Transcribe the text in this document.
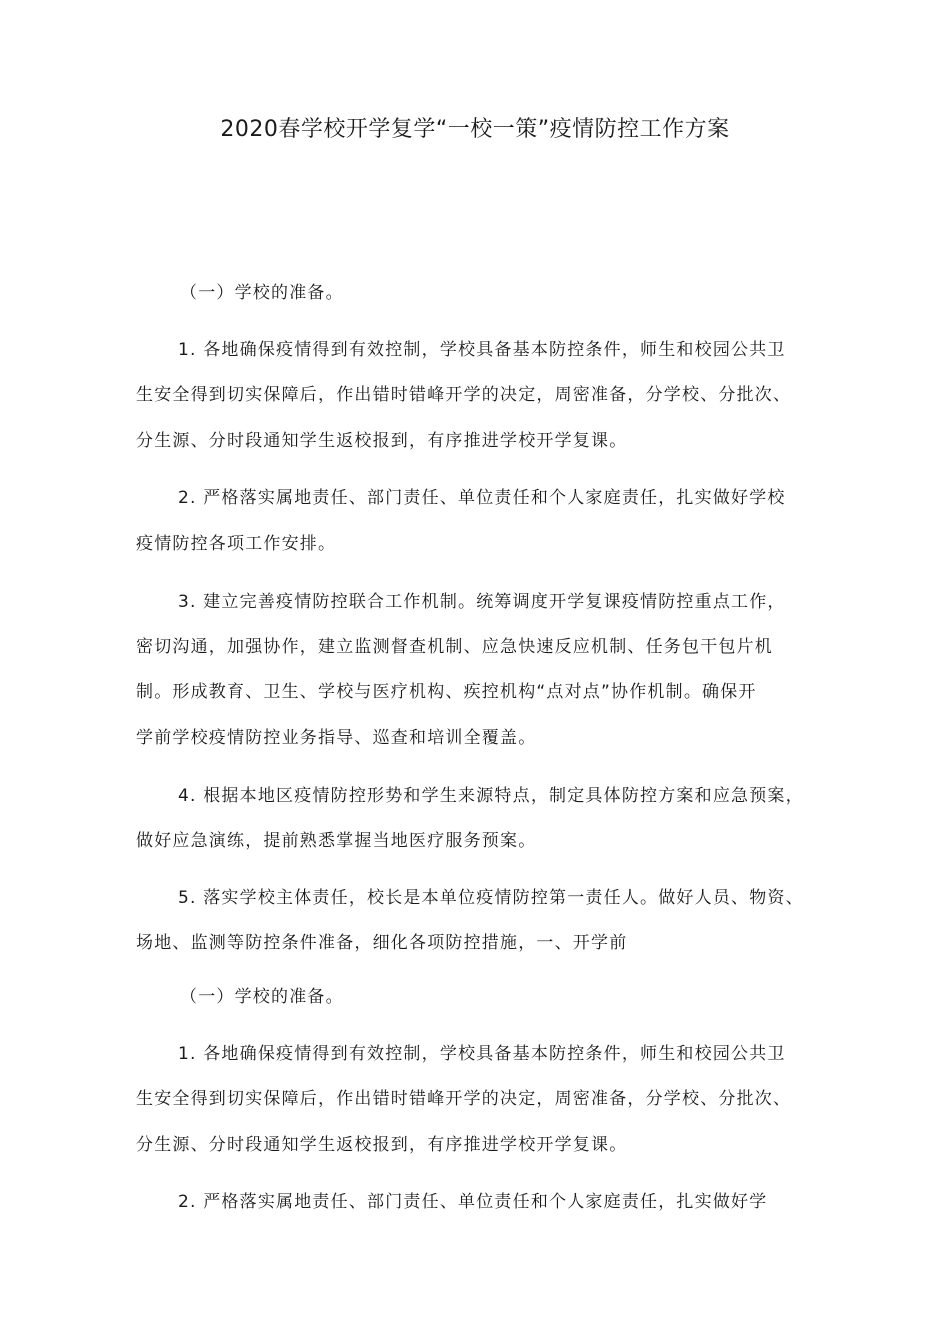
2020春学校开学复学“一校一策”疫情防控工作方案
（一）学校的准备。
1. 各地确保疫情得到有效控制，学校具备基本防控条件，师生和校园公共卫
生安全得到切实保障后，作出错时错峰开学的决定，周密准备，分学校、分批次、
分生源、分时段通知学生返校报到，有序推进学校开学复课。
2. 严格落实属地责任、部门责任、单位责任和个人家庭责任，扎实做好学校
疫情防控各项工作安排。
3. 建立完善疫情防控联合工作机制。统筹调度开学复课疫情防控重点工作，
密切沟通，加强协作，建立监测督查机制、应急快速反应机制、任务包干包片机
制。形成教育、卫生、学校与医疗机构、疾控机构“点对点”协作机制。确保开
学前学校疫情防控业务指导、巡查和培训全覆盖。
4. 根据本地区疫情防控形势和学生来源特点，制定具体防控方案和应急预案，
做好应急演练，提前熟悉掌握当地医疗服务预案。
5. 落实学校主体责任，校长是本单位疫情防控第一责任人。做好人员、物资、
场地、监测等防控条件准备，细化各项防控措施，一、开学前
（一）学校的准备。
1. 各地确保疫情得到有效控制，学校具备基本防控条件，师生和校园公共卫
生安全得到切实保障后，作出错时错峰开学的决定，周密准备，分学校、分批次、
分生源、分时段通知学生返校报到，有序推进学校开学复课。
2. 严格落实属地责任、部门责任、单位责任和个人家庭责任，扎实做好学
